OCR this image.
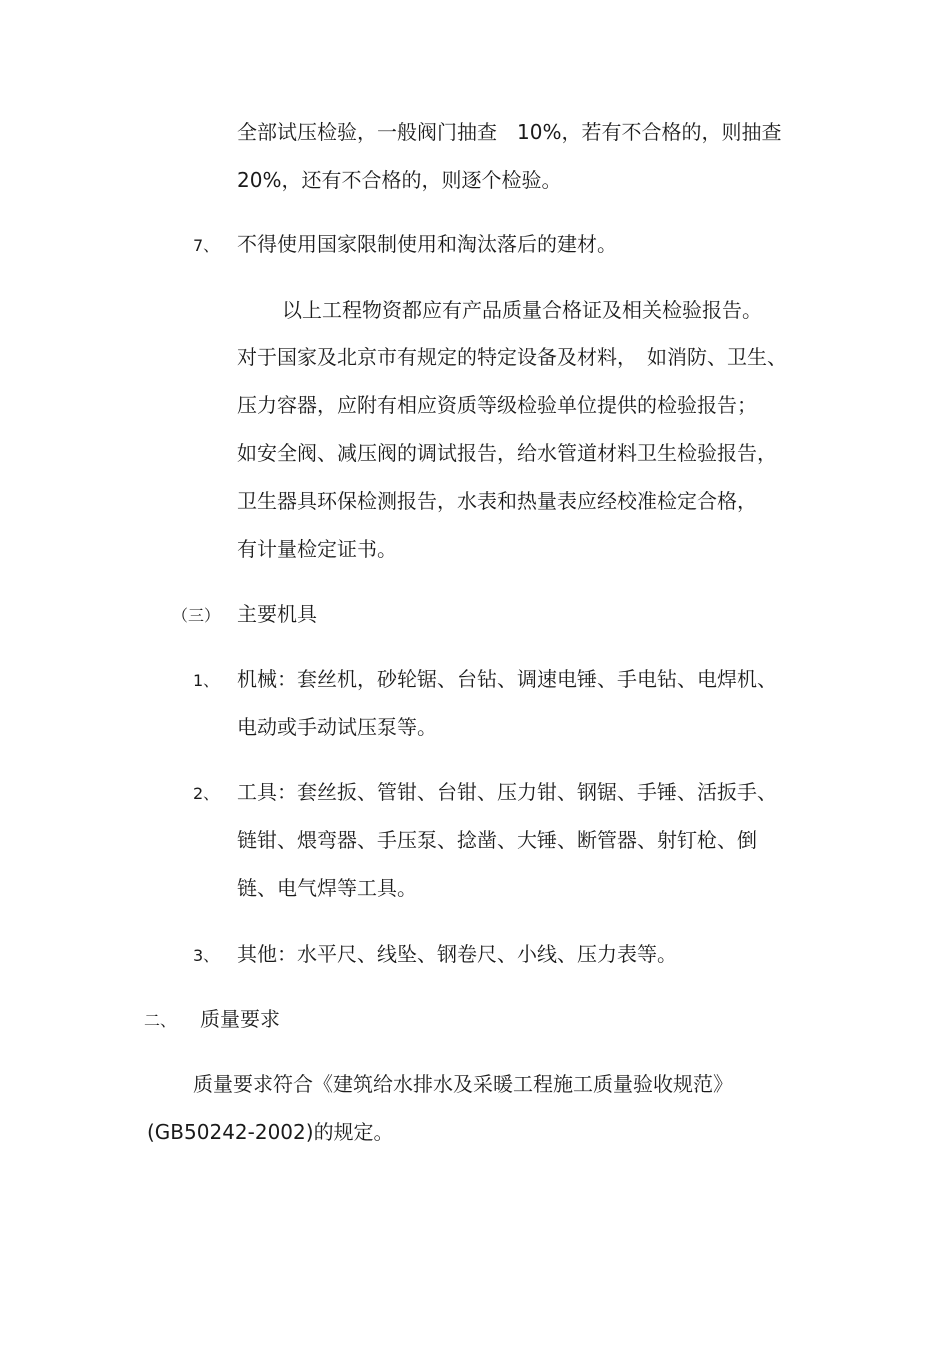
全部试压检验，一般阀门抽查　10%，若有不合格的，则抽查
20%，还有不合格的，则逐个检验。
7、 不得使用国家限制使用和淘汰落后的建材。
以上工程物资都应有产品质量合格证及相关检验报告。
对于国家及北京市有规定的特定设备及材料，　如消防、卫生、
压力容器，应附有相应资质等级检验单位提供的检验报告；
如安全阀、减压阀的调试报告，给水管道材料卫生检验报告，
卫生器具环保检测报告，水表和热量表应经校准检定合格，
有计量检定证书。
（三） 主要机具
1、 机械：套丝机，砂轮锯、台钻、调速电锤、手电钻、电焊机、
电动或手动试压泵等。
2、 工具：套丝扳、管钳、台钳、压力钳、钢锯、手锤、活扳手、
链钳、煨弯器、手压泵、捻凿、大锤、断管器、射钉枪、倒
链、电气焊等工具。
3、 其他：水平尺、线坠、钢卷尺、小线、压力表等。
二、 质量要求
质量要求符合《建筑给水排水及采暖工程施工质量验收规范》
(GB50242-2002)的规定。
